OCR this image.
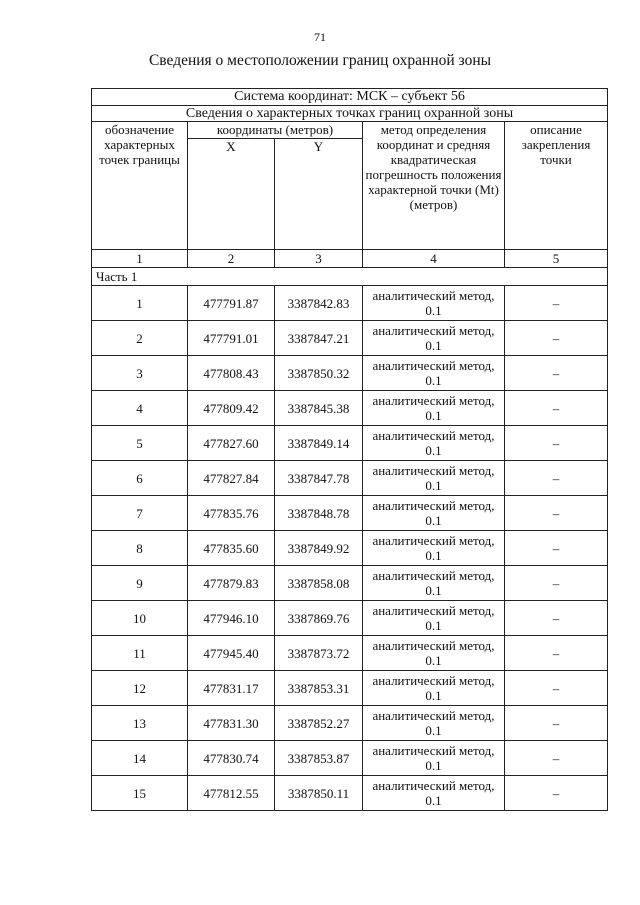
71
Сведения о местоположении границ охранной зоны
Система координат: МСК – субъект 56				
Сведения о характерных точках границ охранной зоны				
обозначение характерных точек границы	координаты (метров)		метод определения координат и средняя квадратическая погрешность положения характерной точки (Mt) (метров)	описание закрепления точки
	X	Y		
1	2	3	4	5
Часть 1				
1	477791.87	3387842.83	аналитический метод, 0.1	–
2	477791.01	3387847.21	аналитический метод, 0.1	–
3	477808.43	3387850.32	аналитический метод, 0.1	–
4	477809.42	3387845.38	аналитический метод, 0.1	–
5	477827.60	3387849.14	аналитический метод, 0.1	–
6	477827.84	3387847.78	аналитический метод, 0.1	–
7	477835.76	3387848.78	аналитический метод, 0.1	–
8	477835.60	3387849.92	аналитический метод, 0.1	–
9	477879.83	3387858.08	аналитический метод, 0.1	–
10	477946.10	3387869.76	аналитический метод, 0.1	–
11	477945.40	3387873.72	аналитический метод, 0.1	–
12	477831.17	3387853.31	аналитический метод, 0.1	–
13	477831.30	3387852.27	аналитический метод, 0.1	–
14	477830.74	3387853.87	аналитический метод, 0.1	–
15	477812.55	3387850.11	аналитический метод, 0.1	–
